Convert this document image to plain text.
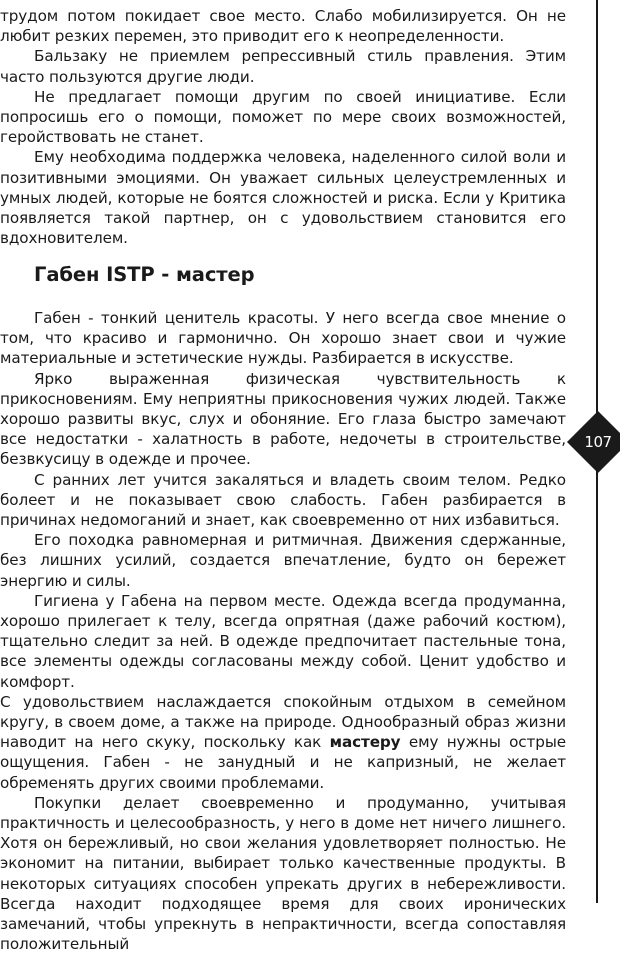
трудом потом покидает свое место. Слабо мобилизируется. Он не любит резких перемен, это приводит его к неопределенности.

Бальзаку не приемлем репрессивный стиль правления. Этим часто пользуются другие люди.

Не предлагает помощи другим по своей инициативе. Если попросишь его о помощи, поможет по мере своих возможностей, геройствовать не станет.

Ему необходима поддержка человека, наделенного силой воли и позитивными эмоциями. Он уважает сильных целеустремленных и умных людей, которые не боятся сложностей и риска. Если у Критика появляется такой партнер, он с удовольствием становится его вдохновителем.

Габен ISTP - мастер

Габен - тонкий ценитель красоты. У него всегда свое мнение о том, что красиво и гармонично. Он хорошо знает свои и чужие материальные и эстетические нужды. Разбирается в искусстве.

Ярко выраженная физическая чувствительность к прикосновениям. Ему неприятны прикосновения чужих людей. Также хорошо развиты вкус, слух и обоняние. Его глаза быстро замечают все недостатки - халатность в работе, недочеты в строительстве, безвкусицу в одежде и прочее.

С ранних лет учится закаляться и владеть своим телом. Редко болеет и не показывает свою слабость. Габен разбирается в причинах недомоганий и знает, как своевременно от них избавиться.

Его походка равномерная и ритмичная. Движения сдержанные, без лишних усилий, создается впечатление, будто он бережет энергию и силы.

Гигиена у Габена на первом месте. Одежда всегда продуманна, хорошо прилегает к телу, всегда опрятная (даже рабочий костюм), тщательно следит за ней. В одежде предпочитает пастельные тона, все элементы одежды согласованы между собой. Ценит удобство и комфорт.
С удовольствием наслаждается спокойным отдыхом в семейном кругу, в своем доме, а также на природе. Однообразный образ жизни наводит на него скуку, поскольку как мастеру ему нужны острые ощущения. Габен - не занудный и не капризный, не желает обременять других своими проблемами.

Покупки делает своевременно и продуманно, учитывая практичность и целесообразность, у него в доме нет ничего лишнего. Хотя он бережливый, но свои желания удовлетворяет полностью. Не экономит на питании, выбирает только качественные продукты. В некоторых ситуациях способен упрекать других в небережливости. Всегда находит подходящее время для своих иронических замечаний, чтобы упрекнуть в непрактичности, всегда сопоставляя положительный

107
